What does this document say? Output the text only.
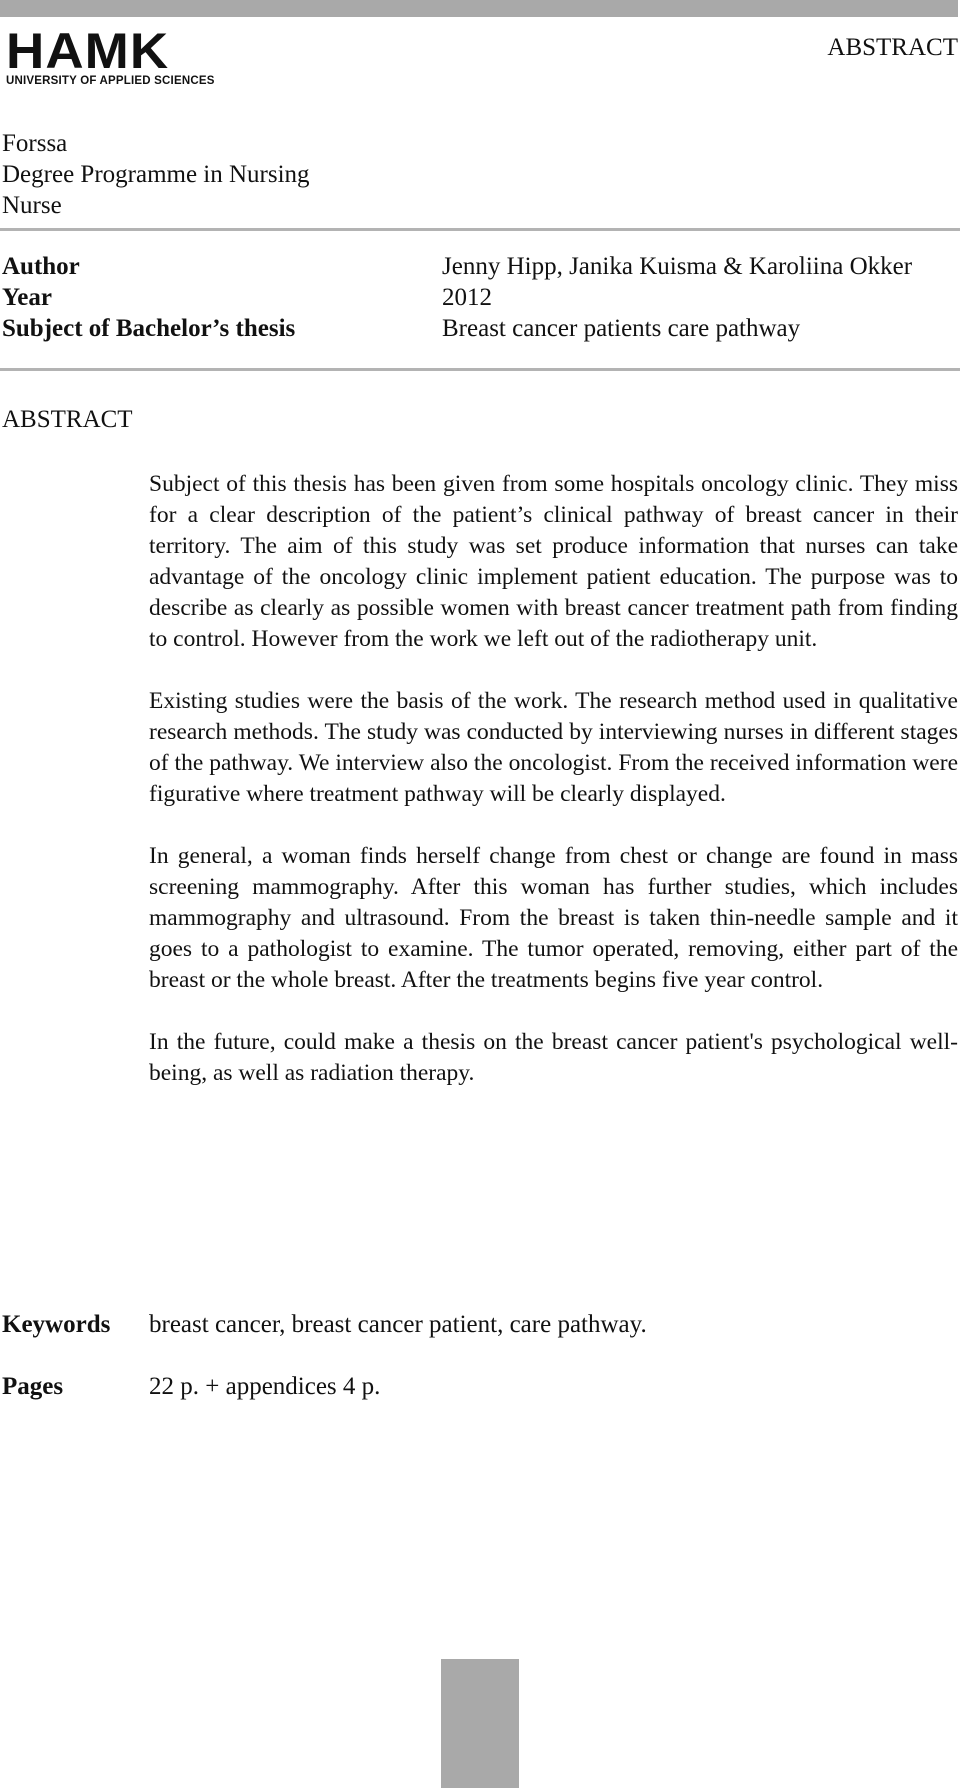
HAMK
UNIVERSITY OF APPLIED SCIENCES
ABSTRACT
Forssa
Degree Programme in Nursing
Nurse
Author	Jenny Hipp, Janika Kuisma & Karoliina Okker
Year	2012
Subject of Bachelor’s thesis	Breast cancer patients care pathway
ABSTRACT

Subject of this thesis has been given from some hospitals oncology clinic. They miss for a clear description of the patient’s clinical pathway of breast cancer in their territory. The aim of this study was set produce information that nurses can take advantage of the oncology clinic implement patient education. The purpose was to describe as clearly as possible women with breast cancer treatment path from finding to control. However from the work we left out of the radiotherapy unit.

Existing studies were the basis of the work. The research method used in qualitative research methods. The study was conducted by interviewing nurses in different stages of the pathway. We interview also the oncologist. From the received information were figurative where treatment pathway will be clearly displayed.

In general, a woman finds herself change from chest or change are found in mass screening mammography. After this woman has further studies, which includes mammography and ultrasound. From the breast is taken thin-needle sample and it goes to a pathologist to examine. The tumor operated, removing, either part of the breast or the whole breast. After the treatments begins five year control.

In the future, could make a thesis on the breast cancer patient's psychological well-being, as well as radiation therapy.

Keywords	breast cancer, breast cancer patient, care pathway.
Pages	22 p. + appendices 4 p.
